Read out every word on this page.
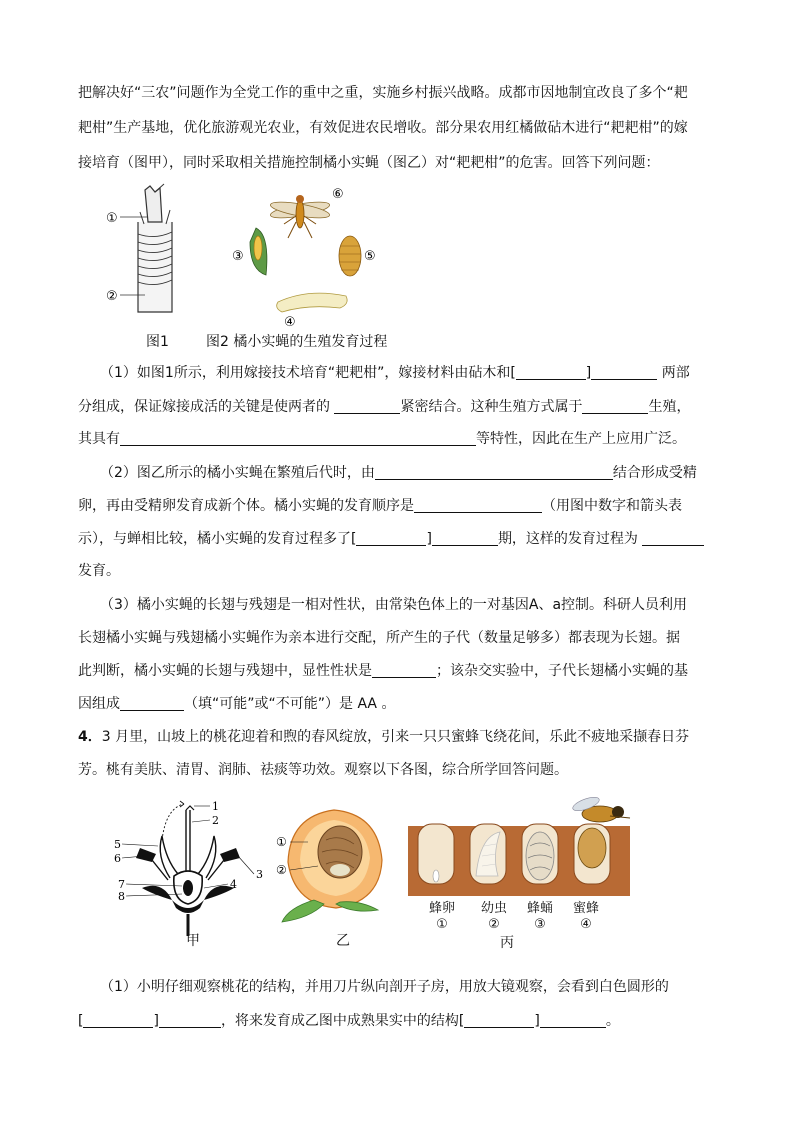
把解决好“三农”问题作为全党工作的重中之重，实施乡村振兴战略。成都市因地制宜改良了多个“耙
耙柑”生产基地，优化旅游观光农业，有效促进农民增收。部分果农用红橘做砧木进行“耙耙柑”的嫁
接培育（图甲），同时采取相关措施控制橘小实蝇（图乙）对“耙耙柑”的危害。回答下列问题：
①
②
⑥
③	⑤
④
图1	图2 橘小实蝇的生殖发育过程
（1）如图1所示，利用嫁接技术培育“耙耙柑”，嫁接材料由砧木和[	]	两部
分组成，保证嫁接成活的关键是使两者的	紧密结合。这种生殖方式属于	生殖，
其具有	等特性，因此在生产上应用广泛。
（2）图乙所示的橘小实蝇在繁殖后代时，由	结合形成受精
卵，再由受精卵发育成新个体。橘小实蝇的发育顺序是	（用图中数字和箭头表
示），与蝉相比较，橘小实蝇的发育过程多了[	]	期，这样的发育过程为
发育。
（3）橘小实蝇的长翅与残翅是一相对性状，由常染色体上的一对基因A、a控制。科研人员利用
长翅橘小实蝇与残翅橘小实蝇作为亲本进行交配，所产生的子代（数量足够多）都表现为长翅。据
此判断，橘小实蝇的长翅与残翅中，显性性状是	；该杂交实验中，子代长翅橘小实蝇的基
因组成	（填“可能”或“不可能”）是 AA 。
4．3 月里，山坡上的桃花迎着和煦的春风绽放，引来一只只蜜蜂飞绕花间，乐此不疲地采撷春日芬
芳。桃有美肤、清胃、润肺、祛痰等功效。观察以下各图，综合所学回答问题。
1
2
3
4
5
6
7
8
①
②
蜂卵
①
幼虫
②
蜂蛹
③
蜜蜂
④
甲	乙	丙
（1）小明仔细观察桃花的结构，并用刀片纵向剖开子房，用放大镜观察，会看到白色圆形的
[	]	，将来发育成乙图中成熟果实中的结构[	]	。
